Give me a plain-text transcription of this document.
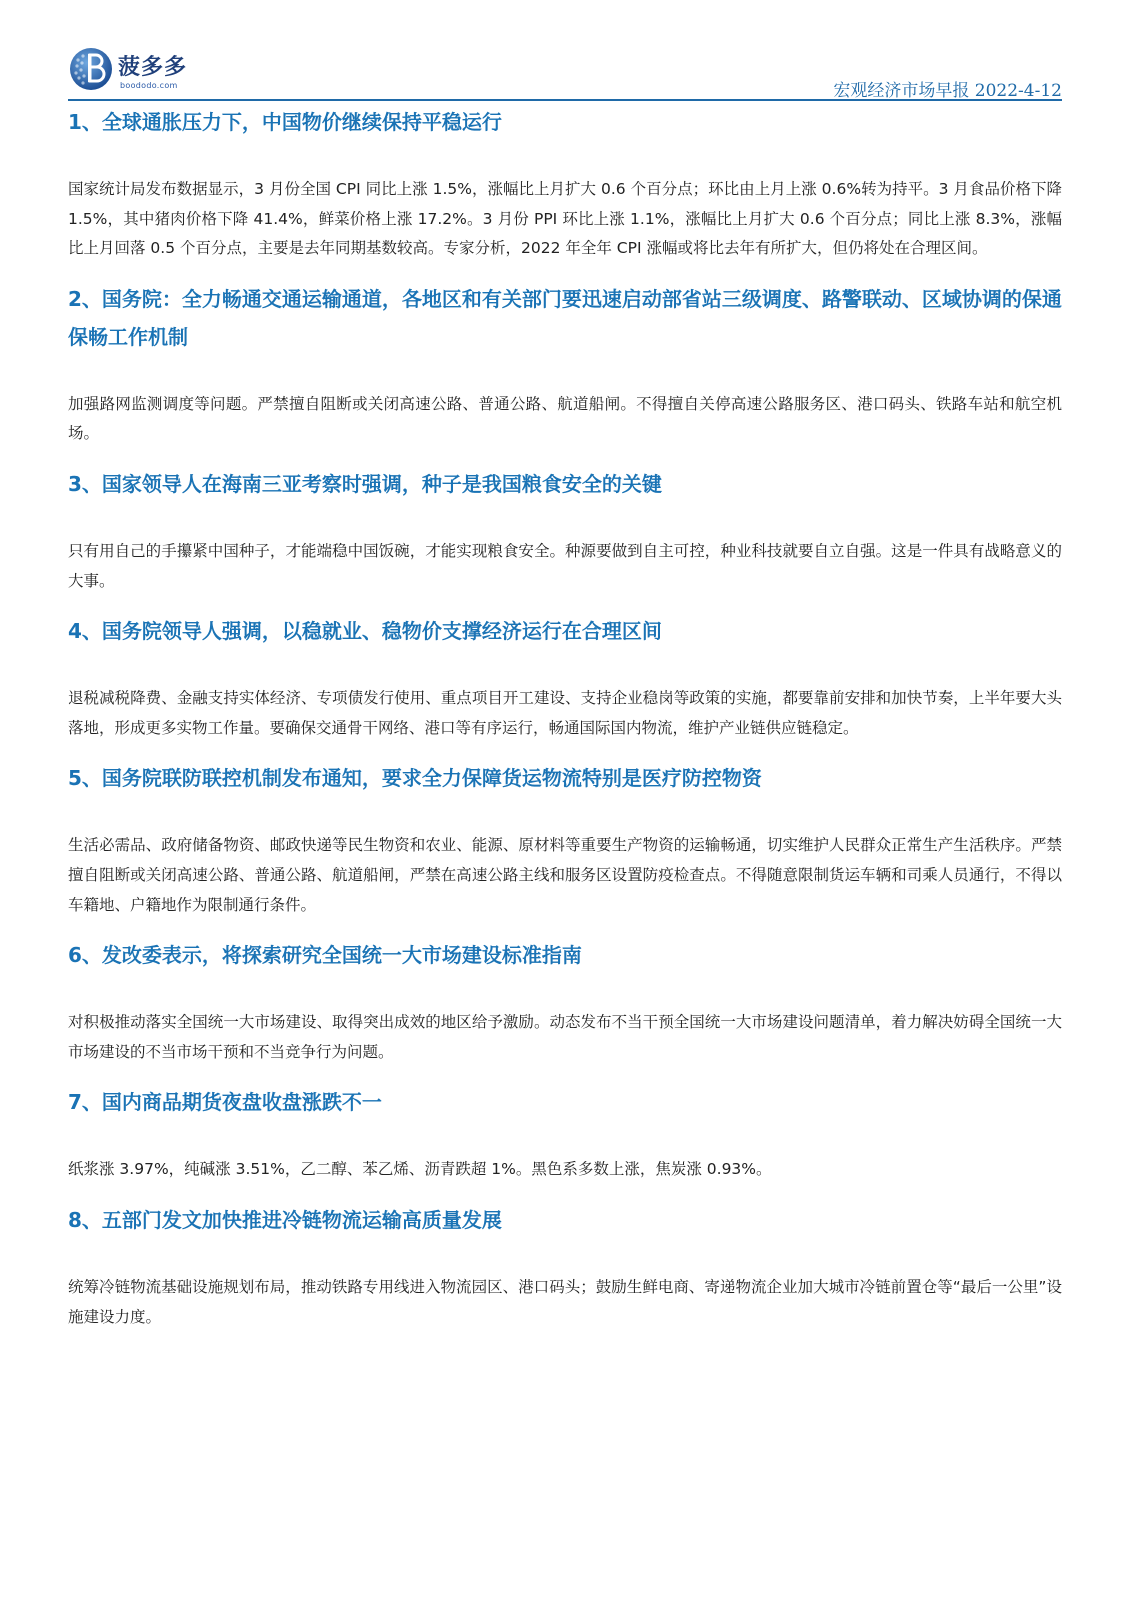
菠多多
boododo.com	宏观经济市场早报 2022-4-12
1、全球通胀压力下，中国物价继续保持平稳运行

国家统计局发布数据显示，3 月份全国 CPI 同比上涨 1.5%，涨幅比上月扩大 0.6 个百分点；环比由上月上涨 0.6%转为持平。3 月食品价格下降 1.5%，其中猪肉价格下降 41.4%，鲜菜价格上涨 17.2%。3 月份 PPI 环比上涨 1.1%，涨幅比上月扩大 0.6 个百分点；同比上涨 8.3%，涨幅比上月回落 0.5 个百分点，主要是去年同期基数较高。专家分析，2022 年全年 CPI 涨幅或将比去年有所扩大，但仍将处在合理区间。

2、国务院：全力畅通交通运输通道，各地区和有关部门要迅速启动部省站三级调度、路警联动、区域协调的保通保畅工作机制

加强路网监测调度等问题。严禁擅自阻断或关闭高速公路、普通公路、航道船闸。不得擅自关停高速公路服务区、港口码头、铁路车站和航空机场。

3、国家领导人在海南三亚考察时强调，种子是我国粮食安全的关键

只有用自己的手攥紧中国种子，才能端稳中国饭碗，才能实现粮食安全。种源要做到自主可控，种业科技就要自立自强。这是一件具有战略意义的大事。

4、国务院领导人强调，以稳就业、稳物价支撑经济运行在合理区间

退税减税降费、金融支持实体经济、专项债发行使用、重点项目开工建设、支持企业稳岗等政策的实施，都要靠前安排和加快节奏，上半年要大头落地，形成更多实物工作量。要确保交通骨干网络、港口等有序运行，畅通国际国内物流，维护产业链供应链稳定。

5、国务院联防联控机制发布通知，要求全力保障货运物流特别是医疗防控物资

生活必需品、政府储备物资、邮政快递等民生物资和农业、能源、原材料等重要生产物资的运输畅通，切实维护人民群众正常生产生活秩序。严禁擅自阻断或关闭高速公路、普通公路、航道船闸，严禁在高速公路主线和服务区设置防疫检查点。不得随意限制货运车辆和司乘人员通行，不得以车籍地、户籍地作为限制通行条件。

6、发改委表示，将探索研究全国统一大市场建设标准指南

对积极推动落实全国统一大市场建设、取得突出成效的地区给予激励。动态发布不当干预全国统一大市场建设问题清单，着力解决妨碍全国统一大市场建设的不当市场干预和不当竞争行为问题。

7、国内商品期货夜盘收盘涨跌不一

纸浆涨 3.97%，纯碱涨 3.51%，乙二醇、苯乙烯、沥青跌超 1%。黑色系多数上涨，焦炭涨 0.93%。

8、五部门发文加快推进冷链物流运输高质量发展

统筹冷链物流基础设施规划布局，推动铁路专用线进入物流园区、港口码头；鼓励生鲜电商、寄递物流企业加大城市冷链前置仓等“最后一公里”设施建设力度。
